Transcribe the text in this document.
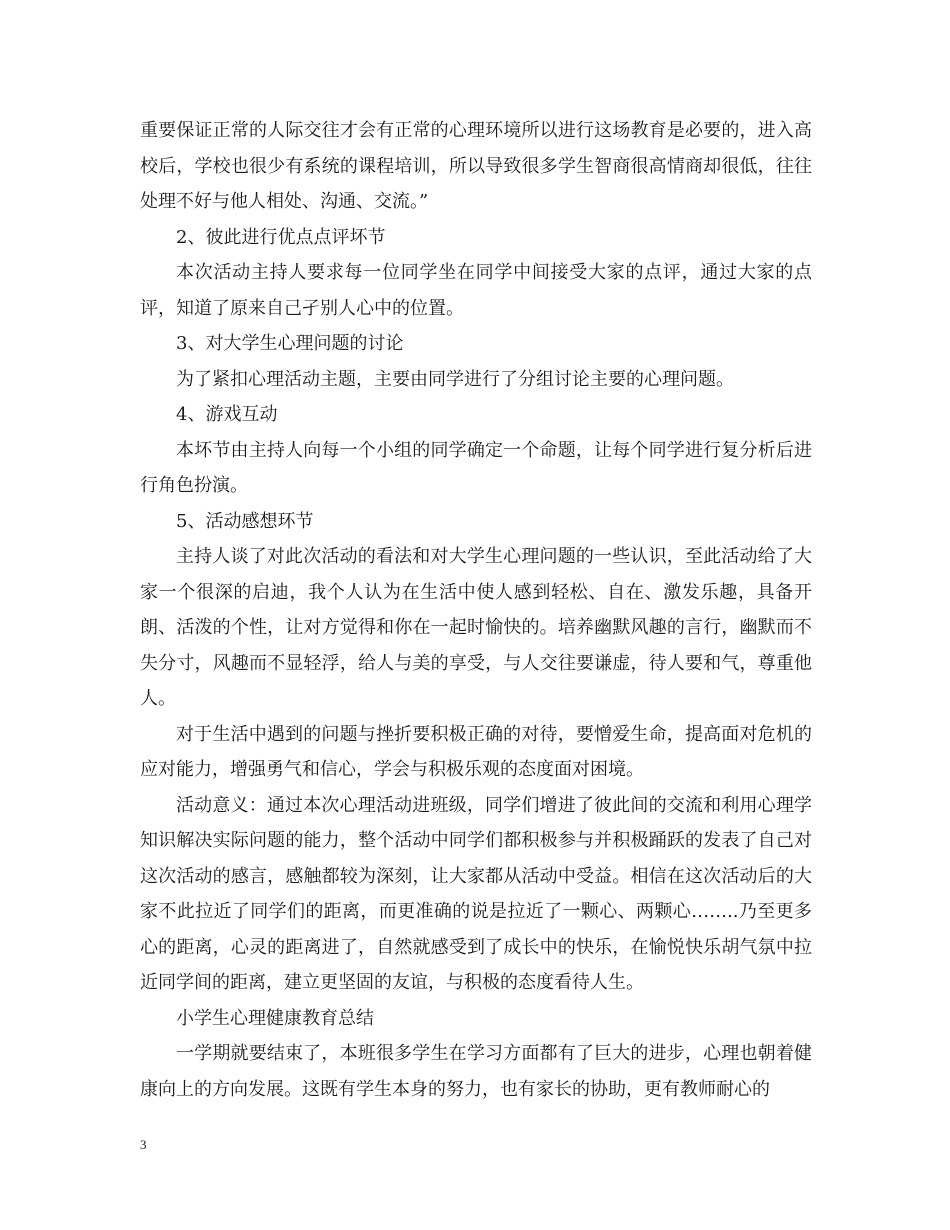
重要保证正常的人际交往才会有正常的心理环境所以进行这场教育是必要的，进入高校后，学校也很少有系统的课程培训，所以导致很多学生智商很高情商却很低，往往处理不好与他人相处、沟通、交流。”

2、彼此进行优点点评坏节

本次活动主持人要求每一位同学坐在同学中间接受大家的点评，通过大家的点评，知道了原来自己孑别人心中的位置。

3、对大学生心理问题的讨论

为了紧扣心理活动主题，主要由同学进行了分组讨论主要的心理问题。

4、游戏互动

本坏节由主持人向每一个小组的同学确定一个命题，让每个同学进行复分析后进行角色扮演。

5、活动感想环节

主持人谈了对此次活动的看法和对大学生心理问题的一些认识，至此活动给了大家一个很深的启迪，我个人认为在生活中使人感到轻松、自在、激发乐趣，具备开朗、活泼的个性，让对方觉得和你在一起时愉快的。培养幽默风趣的言行，幽默而不失分寸，风趣而不显轻浮，给人与美的享受，与人交往要谦虚，待人要和气，尊重他人。

对于生活中遇到的问题与挫折要积极正确的对待，要憎爱生命，提高面对危机的应对能力，增强勇气和信心，学会与积极乐观的态度面对困境。

活动意义：通过本次心理活动进班级，同学们增进了彼此间的交流和利用心理学知识解决实际问题的能力，整个活动中同学们都积极参与并积极踊跃的发表了自己对这次活动的感言，感触都较为深刻，让大家都从活动中受益。相信在这次活动后的大家不此拉近了同学们的距离，而更准确的说是拉近了一颗心、两颗心……..乃至更多心的距离，心灵的距离进了，自然就感受到了成长中的快乐，在愉悦快乐胡气氛中拉近同学间的距离，建立更坚固的友谊，与积极的态度看待人生。

小学生心理健康教育总结

一学期就要结束了，本班很多学生在学习方面都有了巨大的进步，心理也朝着健康向上的方向发展。这既有学生本身的努力，也有家长的协助，更有教师耐心的

3
